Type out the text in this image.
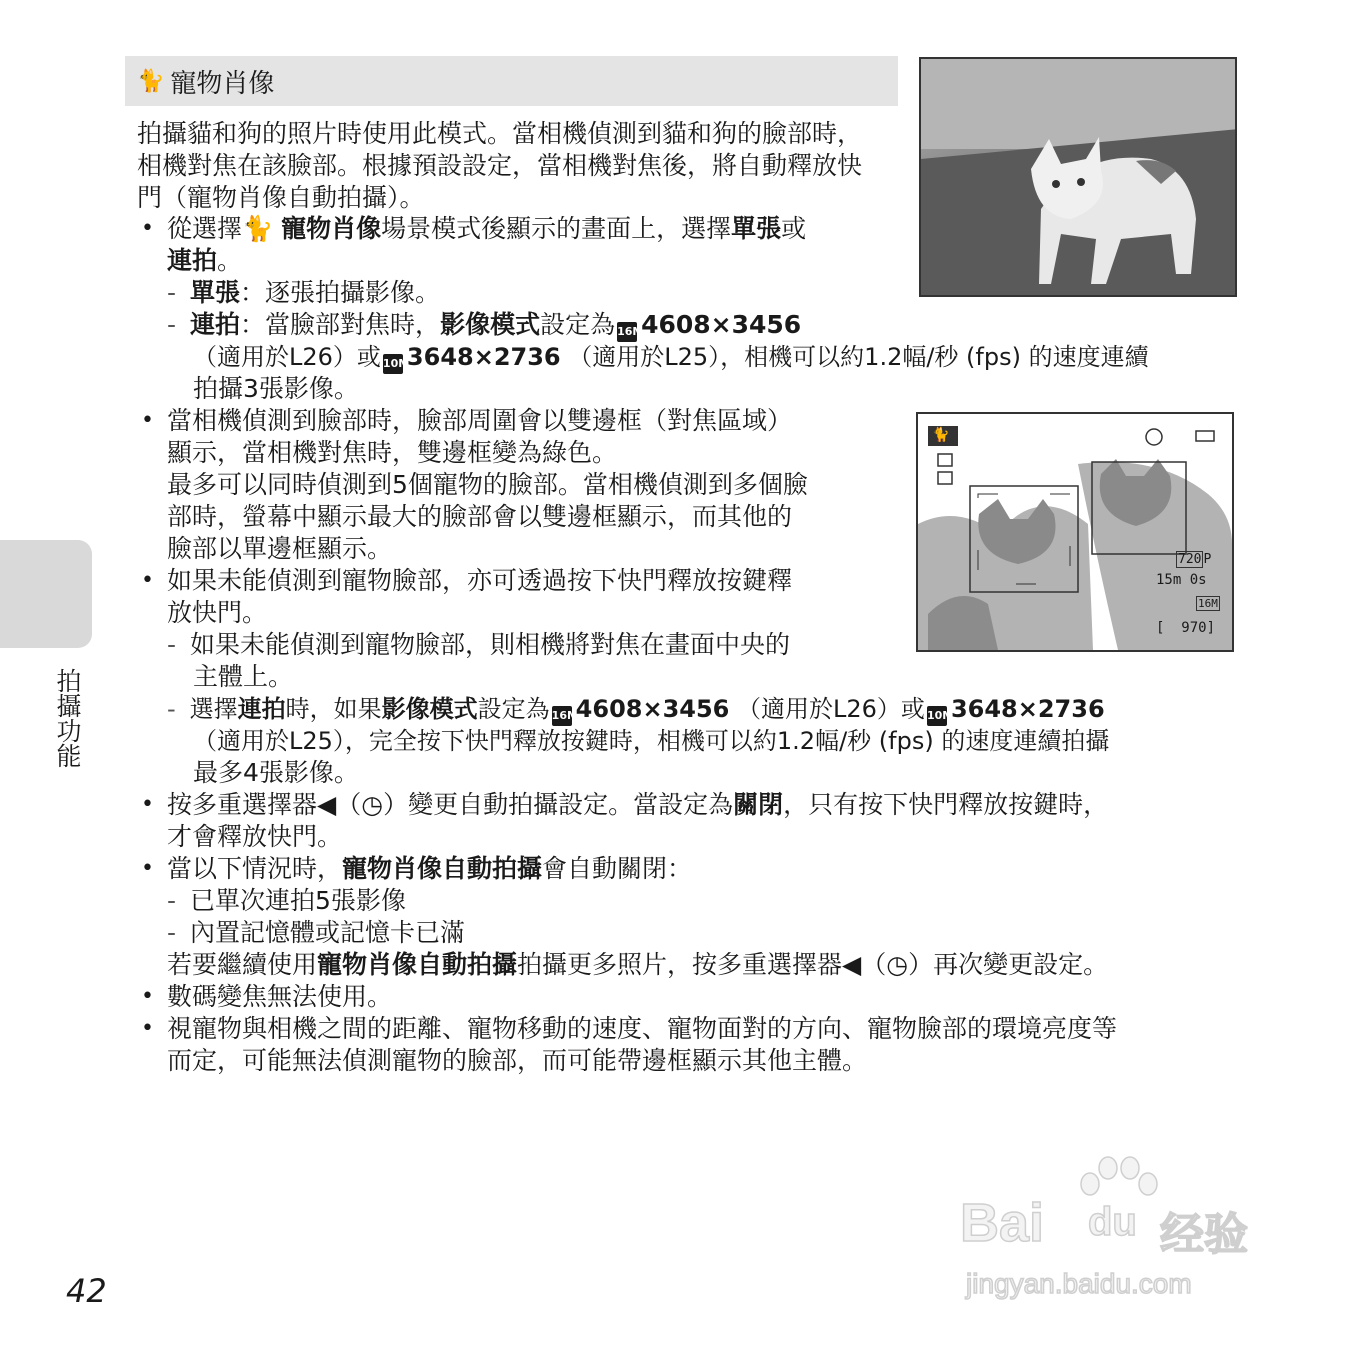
🐈 寵物肖像

拍攝貓和狗的照片時使用此模式。當相機偵測到貓和狗的臉部時，相機對焦在該臉部。根據預設設定，當相機對焦後，將自動釋放快門（寵物肖像自動拍攝）。

• 從選擇🐈 寵物肖像場景模式後顯示的畫面上，選擇單張或
連拍。
- 單張：逐張拍攝影像。
- 連拍：當臉部對焦時，影像模式設定為 16M4608×3456
（適用於L26）或 10M3648×2736 （適用於L25），相機可以約1.2幅/秒 (fps) 的速度連續
拍攝3張影像。
• 當相機偵測到臉部時，臉部周圍會以雙邊框（對焦區域）
顯示，當相機對焦時，雙邊框變為綠色。
最多可以同時偵測到5個寵物的臉部。當相機偵測到多個臉
部時，螢幕中顯示最大的臉部會以雙邊框顯示，而其他的
臉部以單邊框顯示。
• 如果未能偵測到寵物臉部，亦可透過按下快門釋放按鍵釋
放快門。
- 如果未能偵測到寵物臉部，則相機將對焦在畫面中央的
主體上。
- 選擇連拍時，如果影像模式設定為 16M4608×3456 （適用於L26）或 10M3648×2736
（適用於L25），完全按下快門釋放按鍵時，相機可以約1.2幅/秒 (fps) 的速度連續拍攝
最多4張影像。
• 按多重選擇器◀（◷）變更自動拍攝設定。當設定為關閉，只有按下快門釋放按鍵時，
才會釋放快門。
• 當以下情況時，寵物肖像自動拍攝會自動關閉：
- 已單次連拍5張影像
- 內置記憶體或記憶卡已滿
若要繼續使用寵物肖像自動拍攝拍攝更多照片，按多重選擇器◀（◷）再次變更設定。
• 數碼變焦無法使用。
• 視寵物與相機之間的距離、寵物移動的速度、寵物面對的方向、寵物臉部的環境亮度等
而定，可能無法偵測寵物的臉部，而可能帶邊框顯示其他主體。
🐈
720 P
15m 0s
16M
[  970]
拍攝功能
42
Bai du 经验
jingyan.baidu.com
